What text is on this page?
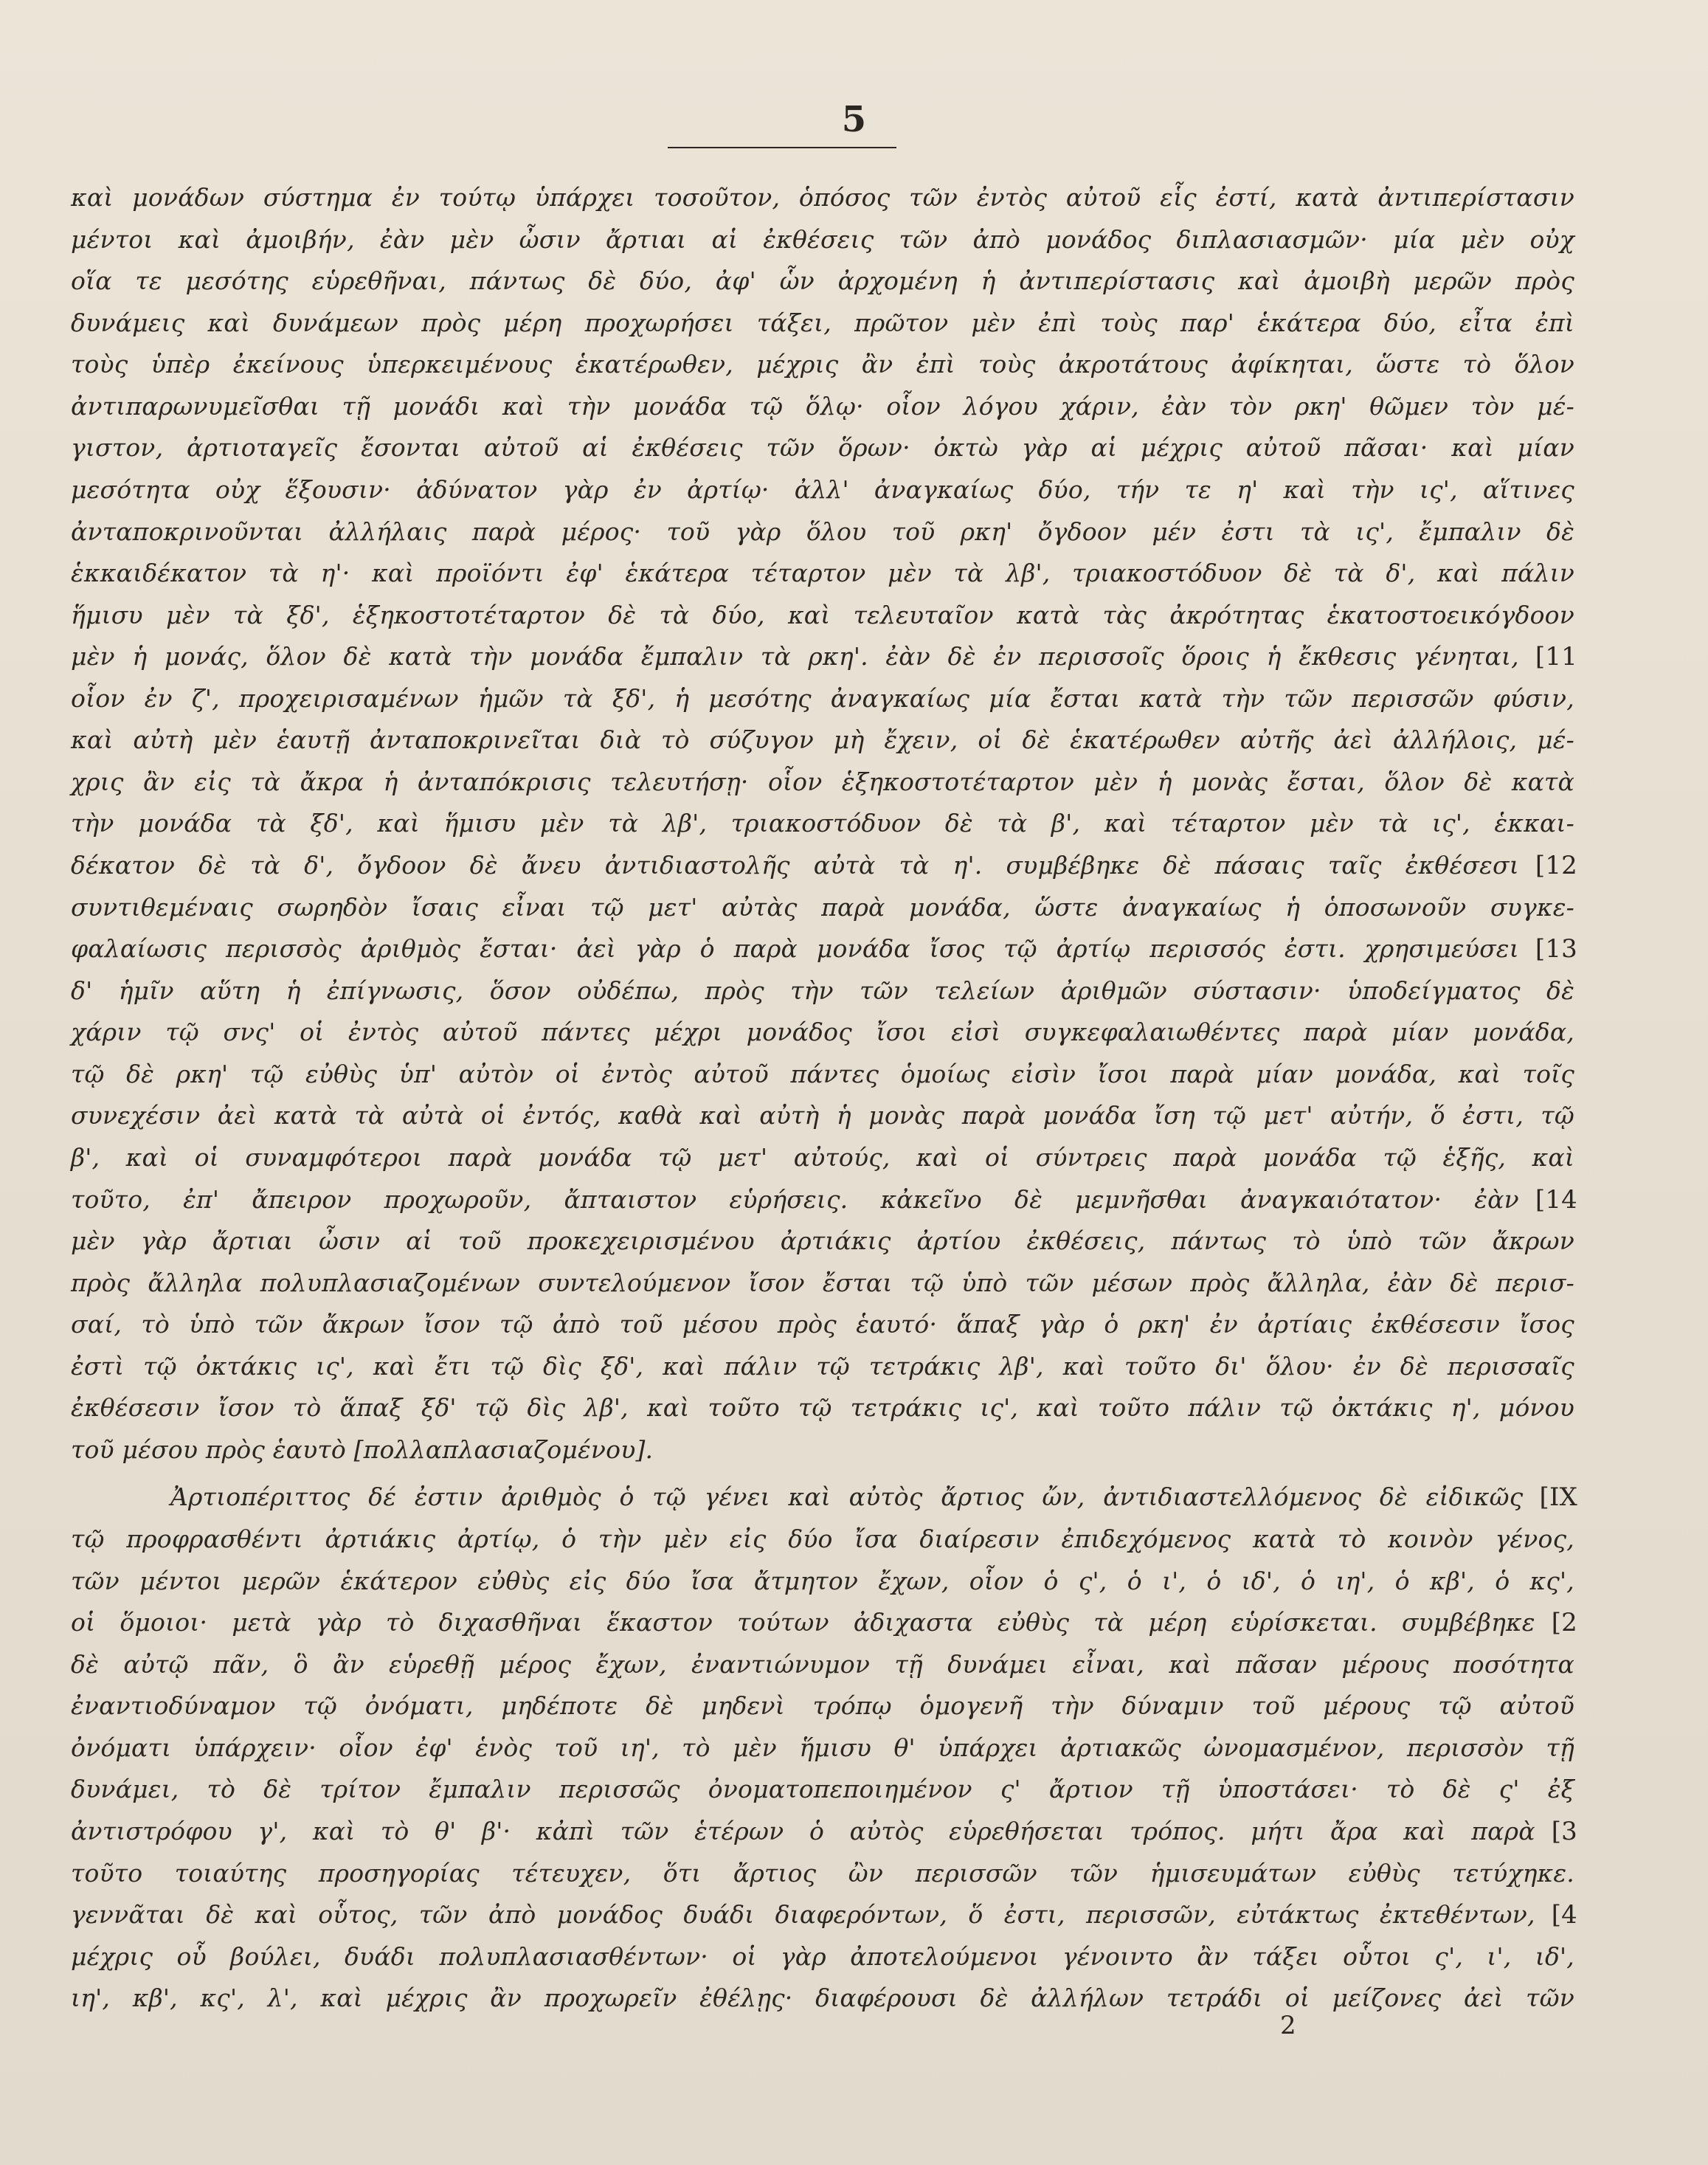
5
καὶ μονάδων σύστημα ἐν τούτῳ ὑπάρχει τοσοῦτον, ὁπόσος τῶν ἐντὸς αὐτοῦ εἷς ἐστί, κατὰ ἀντιπερίστασιν
μέντοι καὶ ἀμοιβήν, ἐὰν μὲν ὦσιν ἄρτιαι αἱ ἐκθέσεις τῶν ἀπὸ μονάδος διπλασιασμῶν· μία μὲν οὐχ
οἵα τε μεσότης εὑρεθῆναι, πάντως δὲ δύο, ἀφ' ὧν ἀρχομένη ἡ ἀντιπερίστασις καὶ ἀμοιβὴ μερῶν πρὸς
δυνάμεις καὶ δυνάμεων πρὸς μέρη προχωρήσει τάξει, πρῶτον μὲν ἐπὶ τοὺς παρ' ἑκάτερα δύο, εἶτα ἐπὶ
τοὺς ὑπὲρ ἐκείνους ὑπερκειμένους ἑκατέρωθεν, μέχρις ἂν ἐπὶ τοὺς ἀκροτάτους ἀφίκηται, ὥστε τὸ ὅλον
ἀντιπαρωνυμεῖσθαι τῇ μονάδι καὶ τὴν μονάδα τῷ ὅλῳ· οἷον λόγου χάριν, ἐὰν τὸν ρκη' θῶμεν τὸν μέ-
γιστον, ἀρτιοταγεῖς ἔσονται αὐτοῦ αἱ ἐκθέσεις τῶν ὅρων· ὀκτὼ γὰρ αἱ μέχρις αὐτοῦ πᾶσαι· καὶ μίαν
μεσότητα οὐχ ἕξουσιν· ἀδύνατον γὰρ ἐν ἀρτίῳ· ἀλλ' ἀναγκαίως δύο, τήν τε η' καὶ τὴν ις', αἵτινες
ἀνταποκρινοῦνται ἀλλήλαις παρὰ μέρος· τοῦ γὰρ ὅλου τοῦ ρκη' ὄγδοον μέν ἐστι τὰ ις', ἔμπαλιν δὲ
ἑκκαιδέκατον τὰ η'· καὶ προϊόντι ἐφ' ἑκάτερα τέταρτον μὲν τὰ λβ', τριακοστόδυον δὲ τὰ δ', καὶ πάλιν
ἥμισυ μὲν τὰ ξδ', ἑξηκοστοτέταρτον δὲ τὰ δύο, καὶ τελευταῖον κατὰ τὰς ἀκρότητας ἑκατοστοεικόγδοον
μὲν ἡ μονάς, ὅλον δὲ κατὰ τὴν μονάδα ἔμπαλιν τὰ ρκη'. ἐὰν δὲ ἐν περισσοῖς ὅροις ἡ ἔκθεσις γένηται, [11
οἷον ἐν ζ', προχειρισαμένων ἡμῶν τὰ ξδ', ἡ μεσότης ἀναγκαίως μία ἔσται κατὰ τὴν τῶν περισσῶν φύσιν,
καὶ αὐτὴ μὲν ἑαυτῇ ἀνταποκρινεῖται διὰ τὸ σύζυγον μὴ ἔχειν, οἱ δὲ ἑκατέρωθεν αὐτῆς ἀεὶ ἀλλήλοις, μέ-
χρις ἂν εἰς τὰ ἄκρα ἡ ἀνταπόκρισις τελευτήσῃ· οἷον ἑξηκοστοτέταρτον μὲν ἡ μονὰς ἔσται, ὅλον δὲ κατὰ
τὴν μονάδα τὰ ξδ', καὶ ἥμισυ μὲν τὰ λβ', τριακοστόδυον δὲ τὰ β', καὶ τέταρτον μὲν τὰ ις', ἑκκαι-
δέκατον δὲ τὰ δ', ὄγδοον δὲ ἄνευ ἀντιδιαστολῆς αὐτὰ τὰ η'. συμβέβηκε δὲ πάσαις ταῖς ἐκθέσεσι [12
συντιθεμέναις σωρηδὸν ἴσαις εἶναι τῷ μετ' αὐτὰς παρὰ μονάδα, ὥστε ἀναγκαίως ἡ ὁποσωνοῦν συγκε-
φαλαίωσις περισσὸς ἀριθμὸς ἔσται· ἀεὶ γὰρ ὁ παρὰ μονάδα ἴσος τῷ ἀρτίῳ περισσός ἐστι. χρησιμεύσει [13
δ' ἡμῖν αὕτη ἡ ἐπίγνωσις, ὅσον οὐδέπω, πρὸς τὴν τῶν τελείων ἀριθμῶν σύστασιν· ὑποδείγματος δὲ
χάριν τῷ σνς' οἱ ἐντὸς αὐτοῦ πάντες μέχρι μονάδος ἴσοι εἰσὶ συγκεφαλαιωθέντες παρὰ μίαν μονάδα,
τῷ δὲ ρκη' τῷ εὐθὺς ὑπ' αὐτὸν οἱ ἐντὸς αὐτοῦ πάντες ὁμοίως εἰσὶν ἴσοι παρὰ μίαν μονάδα, καὶ τοῖς
συνεχέσιν ἀεὶ κατὰ τὰ αὐτὰ οἱ ἐντός, καθὰ καὶ αὐτὴ ἡ μονὰς παρὰ μονάδα ἴση τῷ μετ' αὐτήν, ὅ ἐστι, τῷ
β', καὶ οἱ συναμφότεροι παρὰ μονάδα τῷ μετ' αὐτούς, καὶ οἱ σύντρεις παρὰ μονάδα τῷ ἑξῆς, καὶ
τοῦτο, ἐπ' ἄπειρον προχωροῦν, ἄπταιστον εὑρήσεις. κἀκεῖνο δὲ μεμνῆσθαι ἀναγκαιότατον· ἐὰν [14
μὲν γὰρ ἄρτιαι ὦσιν αἱ τοῦ προκεχειρισμένου ἀρτιάκις ἀρτίου ἐκθέσεις, πάντως τὸ ὑπὸ τῶν ἄκρων
πρὸς ἄλληλα πολυπλασιαζομένων συντελούμενον ἴσον ἔσται τῷ ὑπὸ τῶν μέσων πρὸς ἄλληλα, ἐὰν δὲ περισ-
σαί, τὸ ὑπὸ τῶν ἄκρων ἴσον τῷ ἀπὸ τοῦ μέσου πρὸς ἑαυτό· ἅπαξ γὰρ ὁ ρκη' ἐν ἀρτίαις ἐκθέσεσιν ἴσος
ἐστὶ τῷ ὀκτάκις ις', καὶ ἔτι τῷ δὶς ξδ', καὶ πάλιν τῷ τετράκις λβ', καὶ τοῦτο δι' ὅλου· ἐν δὲ περισσαῖς
ἐκθέσεσιν ἴσον τὸ ἅπαξ ξδ' τῷ δὶς λβ', καὶ τοῦτο τῷ τετράκις ις', καὶ τοῦτο πάλιν τῷ ὀκτάκις η', μόνου
τοῦ μέσου πρὸς ἑαυτὸ [πολλαπλασιαζομένου].
Ἀρτιοπέριττος δέ ἐστιν ἀριθμὸς ὁ τῷ γένει καὶ αὐτὸς ἄρτιος ὤν, ἀντιδιαστελλόμενος δὲ εἰδικῶς [IX
τῷ προφρασθέντι ἀρτιάκις ἀρτίῳ, ὁ τὴν μὲν εἰς δύο ἴσα διαίρεσιν ἐπιδεχόμενος κατὰ τὸ κοινὸν γένος,
τῶν μέντοι μερῶν ἑκάτερον εὐθὺς εἰς δύο ἴσα ἄτμητον ἔχων, οἷον ὁ ς', ὁ ι', ὁ ιδ', ὁ ιη', ὁ κβ', ὁ κς',
οἱ ὅμοιοι· μετὰ γὰρ τὸ διχασθῆναι ἕκαστον τούτων ἀδιχαστα εὐθὺς τὰ μέρη εὑρίσκεται. συμβέβηκε [2
δὲ αὐτῷ πᾶν, ὃ ἂν εὑρεθῇ μέρος ἔχων, ἐναντιώνυμον τῇ δυνάμει εἶναι, καὶ πᾶσαν μέρους ποσότητα
ἐναντιοδύναμον τῷ ὀνόματι, μηδέποτε δὲ μηδενὶ τρόπῳ ὁμογενῆ τὴν δύναμιν τοῦ μέρους τῷ αὐτοῦ
ὀνόματι ὑπάρχειν· οἷον ἐφ' ἑνὸς τοῦ ιη', τὸ μὲν ἥμισυ θ' ὑπάρχει ἀρτιακῶς ὠνομασμένον, περισσὸν τῇ
δυνάμει, τὸ δὲ τρίτον ἔμπαλιν περισσῶς ὀνοματοπεποιημένον ς' ἄρτιον τῇ ὑποστάσει· τὸ δὲ ς' ἐξ
ἀντιστρόφου γ', καὶ τὸ θ' β'· κἀπὶ τῶν ἑτέρων ὁ αὐτὸς εὑρεθήσεται τρόπος. μήτι ἄρα καὶ παρὰ [3
τοῦτο τοιαύτης προσηγορίας τέτευχεν, ὅτι ἄρτιος ὢν περισσῶν τῶν ἡμισευμάτων εὐθὺς τετύχηκε.
γεννᾶται δὲ καὶ οὗτος, τῶν ἀπὸ μονάδος δυάδι διαφερόντων, ὅ ἐστι, περισσῶν, εὐτάκτως ἐκτεθέντων, [4
μέχρις οὗ βούλει, δυάδι πολυπλασιασθέντων· οἱ γὰρ ἀποτελούμενοι γένοιντο ἂν τάξει οὗτοι ς', ι', ιδ',
ιη', κβ', κς', λ', καὶ μέχρις ἂν προχωρεῖν ἐθέλῃς· διαφέρουσι δὲ ἀλλήλων τετράδι οἱ μείζονες ἀεὶ τῶν
2
